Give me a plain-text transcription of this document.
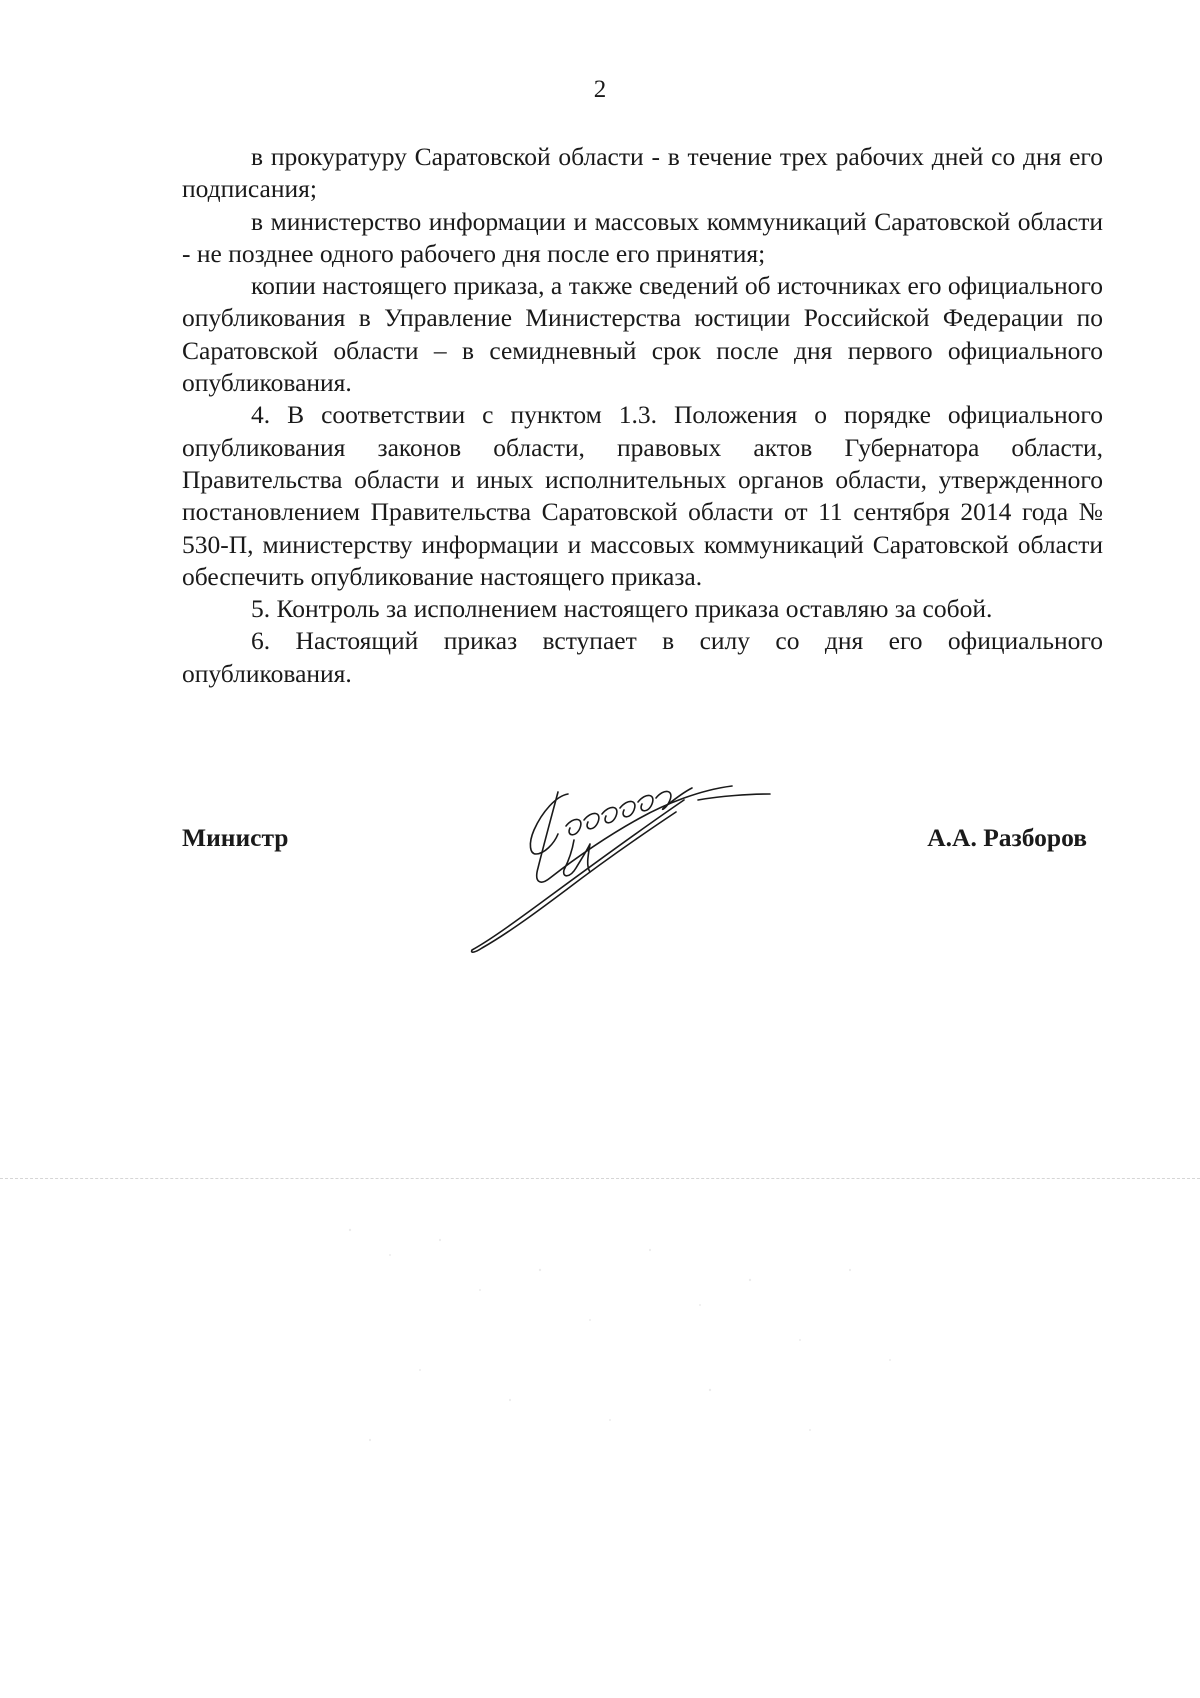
2

в прокуратуру Саратовской области - в течение трех рабочих дней со дня его подписания;

в министерство информации и массовых коммуникаций Саратовской области - не позднее одного рабочего дня после его принятия;

копии настоящего приказа, а также сведений об источниках его официального опубликования в Управление Министерства юстиции Российской Федерации по Саратовской области – в семидневный срок после дня первого официального опубликования.

4. В соответствии с пунктом 1.3. Положения о порядке официального опубликования законов области, правовых актов Губернатора области, Правительства области и иных исполнительных органов области, утвержденного постановлением Правительства Саратовской области от 11 сентября 2014 года № 530-П, министерству информации и массовых коммуникаций Саратовской области обеспечить опубликование настоящего приказа.

5. Контроль за исполнением настоящего приказа оставляю за собой.

6. Настоящий приказ вступает в силу со дня его официального опубликования.

Министр	А.А. Разборов
